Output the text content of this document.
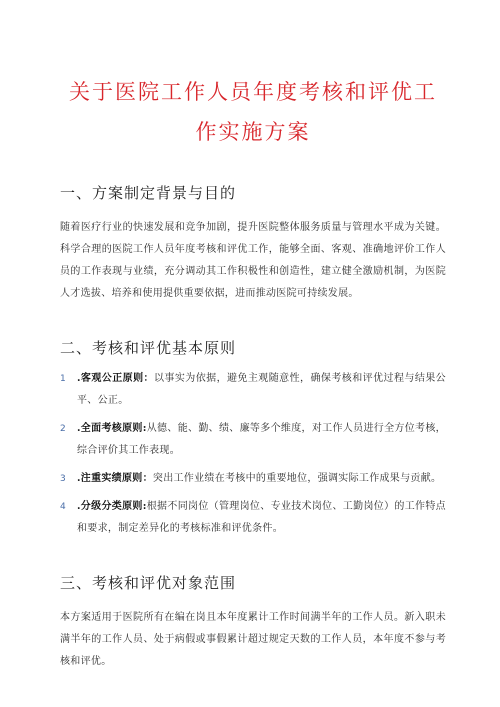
关于医院工作人员年度考核和评优工作实施方案
一、方案制定背景与目的

随着医疗行业的快速发展和竞争加剧，提升医院整体服务质量与管理水平成为关键。科学合理的医院工作人员年度考核和评优工作，能够全面、客观、准确地评价工作人员的工作表现与业绩，充分调动其工作积极性和创造性，建立健全激励机制，为医院人才选拔、培养和使用提供重要依据，进而推动医院可持续发展。

二、考核和评优基本原则
1 .客观公正原则：以事实为依据，避免主观随意性，确保考核和评优过程与结果公平、公正。
2 .全面考核原则:从德、能、勤、绩、廉等多个维度，对工作人员进行全方位考核，综合评价其工作表现。
3 .注重实绩原则：突出工作业绩在考核中的重要地位，强调实际工作成果与贡献。
4 .分级分类原则:根据不同岗位（管理岗位、专业技术岗位、工勤岗位）的工作特点和要求，制定差异化的考核标准和评优条件。
三、考核和评优对象范围

本方案适用于医院所有在编在岗且本年度累计工作时间满半年的工作人员。新入职未满半年的工作人员、处于病假或事假累计超过规定天数的工作人员，本年度不参与考核和评优。
